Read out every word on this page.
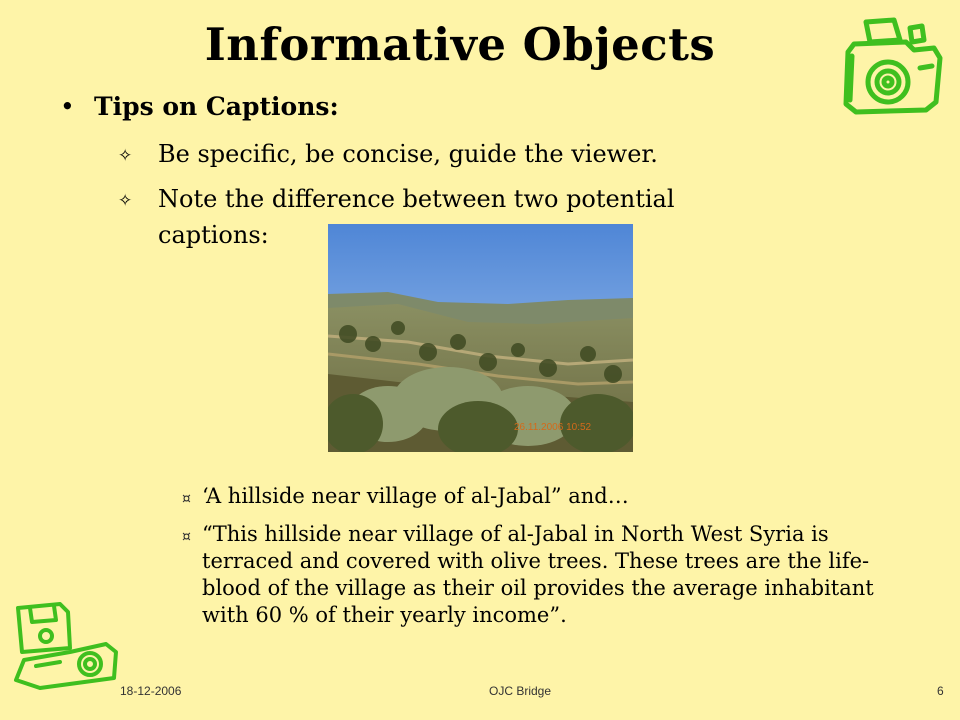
Informative Objects
• Tips on Captions:
✧ Be specific, be concise, guide the viewer.
✧ Note the difference between two potential
captions:
26.11.2006 10:52
¤ ‘A hillside near village of al-Jabal” and…
¤ “This hillside near village of al-Jabal in North West Syria is terraced and covered with olive trees. These trees are the life-blood of the village as their oil provides the average inhabitant with 60 % of their yearly income”.
18-12-2006	OJC Bridge	6
